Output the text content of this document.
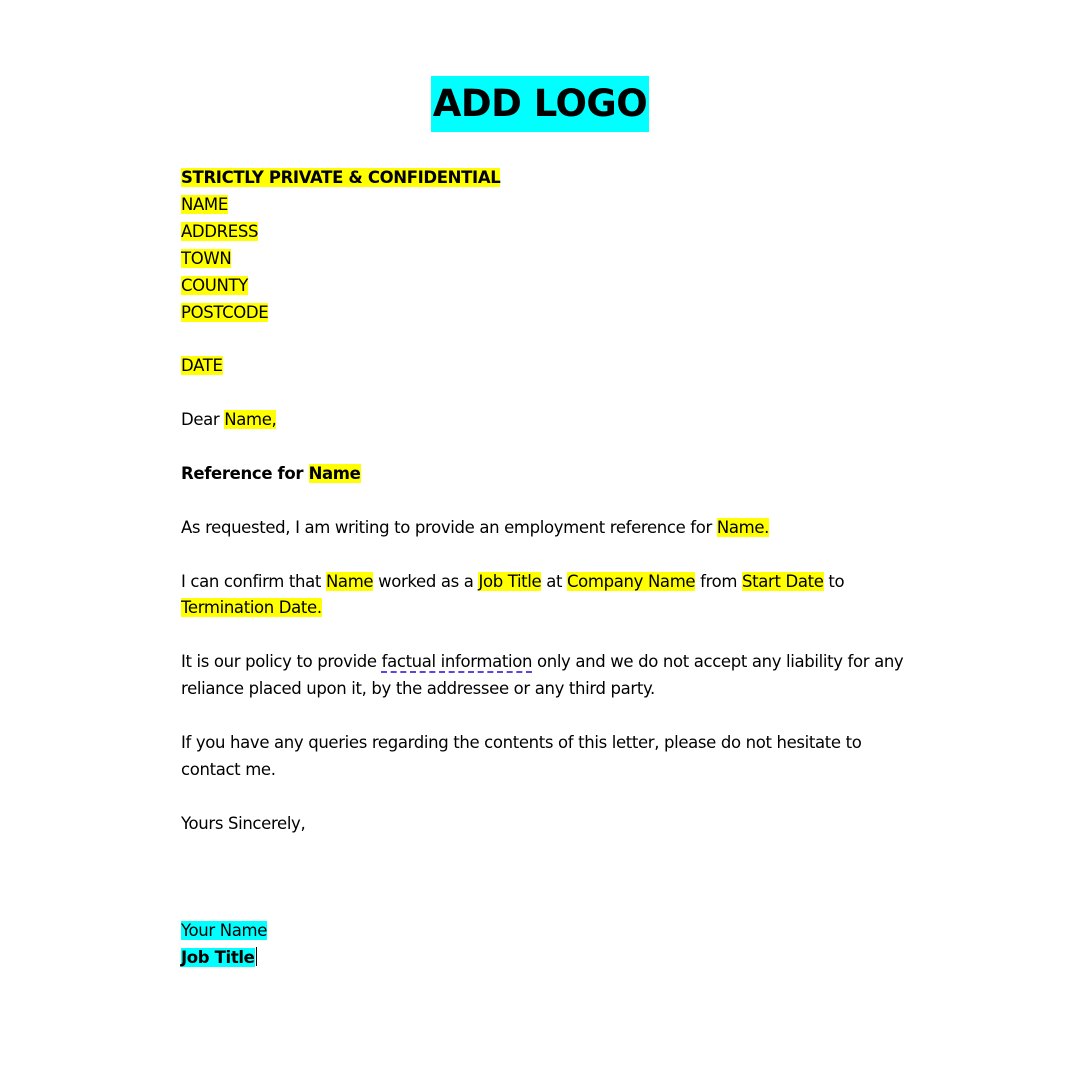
ADD LOGO
STRICTLY PRIVATE & CONFIDENTIAL
NAME
ADDRESS
TOWN
COUNTY
POSTCODE
DATE
Dear Name,
Reference for Name
As requested, I am writing to provide an employment reference for Name.
I can confirm that Name worked as a Job Title at Company Name from Start Date to
Termination Date.
It is our policy to provide factual information only and we do not accept any liability for any
reliance placed upon it, by the addressee or any third party.
If you have any queries regarding the contents of this letter, please do not hesitate to
contact me.
Yours Sincerely,
Your Name
Job Title
